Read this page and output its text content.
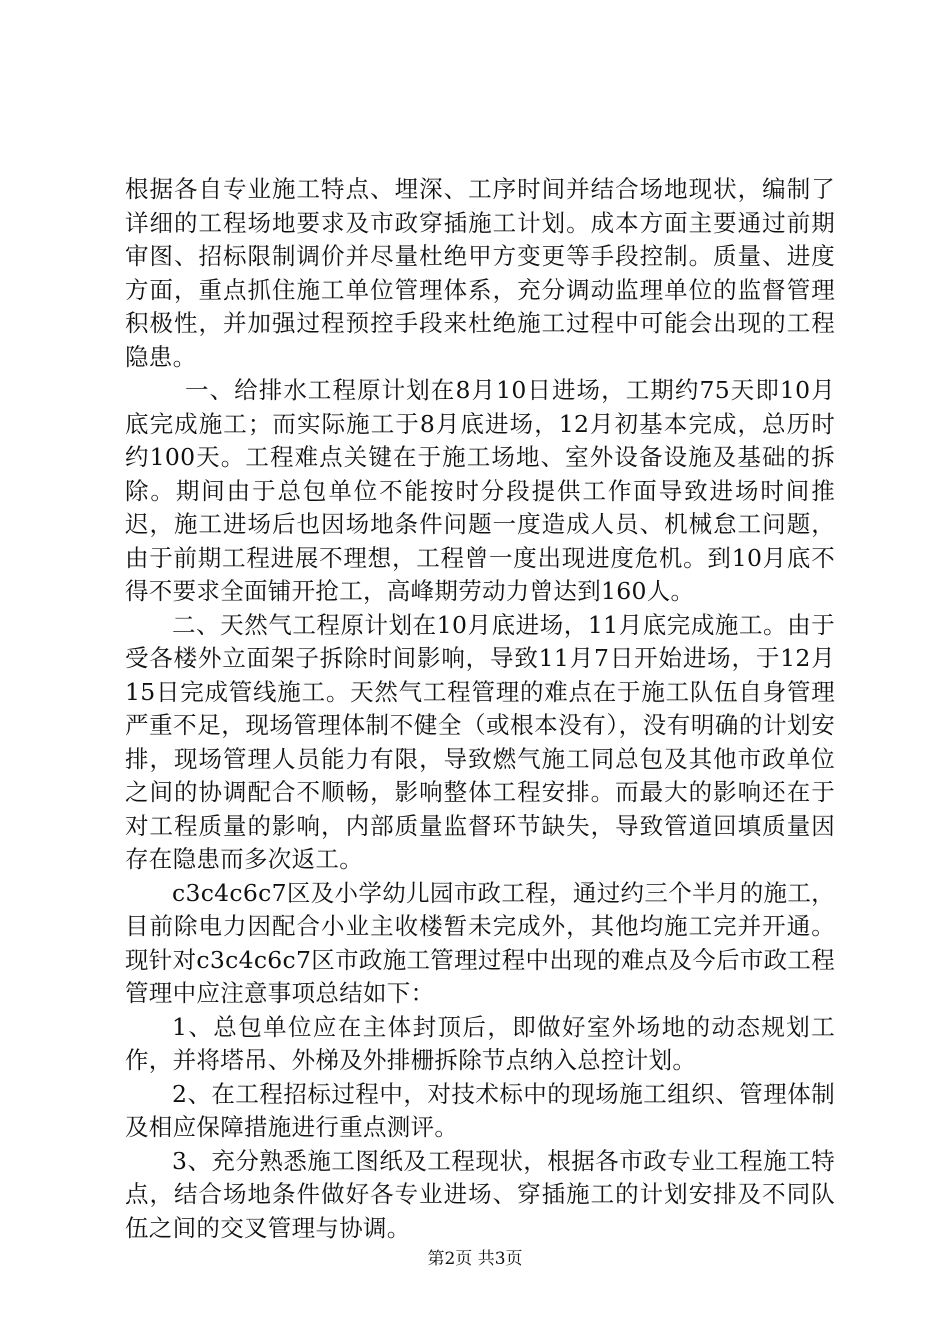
根据各自专业施工特点、埋深、工序时间并结合场地现状，编制了详细的工程场地要求及市政穿插施工计划。成本方面主要通过前期审图、招标限制调价并尽量杜绝甲方变更等手段控制。质量、进度方面，重点抓住施工单位管理体系，充分调动监理单位的监督管理积极性，并加强过程预控手段来杜绝施工过程中可能会出现的工程隐患。

一、给排水工程原计划在8月10日进场，工期约75天即10月底完成施工；而实际施工于8月底进场，12月初基本完成，总历时约100天。工程难点关键在于施工场地、室外设备设施及基础的拆除。期间由于总包单位不能按时分段提供工作面导致进场时间推迟，施工进场后也因场地条件问题一度造成人员、机械怠工问题，由于前期工程进展不理想，工程曾一度出现进度危机。到10月底不得不要求全面铺开抢工，高峰期劳动力曾达到160人。

二、天然气工程原计划在10月底进场，11月底完成施工。由于受各楼外立面架子拆除时间影响，导致11月7日开始进场，于12月15日完成管线施工。天然气工程管理的难点在于施工队伍自身管理严重不足，现场管理体制不健全（或根本没有），没有明确的计划安排，现场管理人员能力有限，导致燃气施工同总包及其他市政单位之间的协调配合不顺畅，影响整体工程安排。而最大的影响还在于对工程质量的影响，内部质量监督环节缺失，导致管道回填质量因存在隐患而多次返工。

c3c4c6c7区及小学幼儿园市政工程，通过约三个半月的施工，目前除电力因配合小业主收楼暂未完成外，其他均施工完并开通。现针对c3c4c6c7区市政施工管理过程中出现的难点及今后市政工程管理中应注意事项总结如下：

1、总包单位应在主体封顶后，即做好室外场地的动态规划工作，并将塔吊、外梯及外排栅拆除节点纳入总控计划。

2、在工程招标过程中，对技术标中的现场施工组织、管理体制及相应保障措施进行重点测评。

3、充分熟悉施工图纸及工程现状，根据各市政专业工程施工特点，结合场地条件做好各专业进场、穿插施工的计划安排及不同队伍之间的交叉管理与协调。

第2页 共3页
